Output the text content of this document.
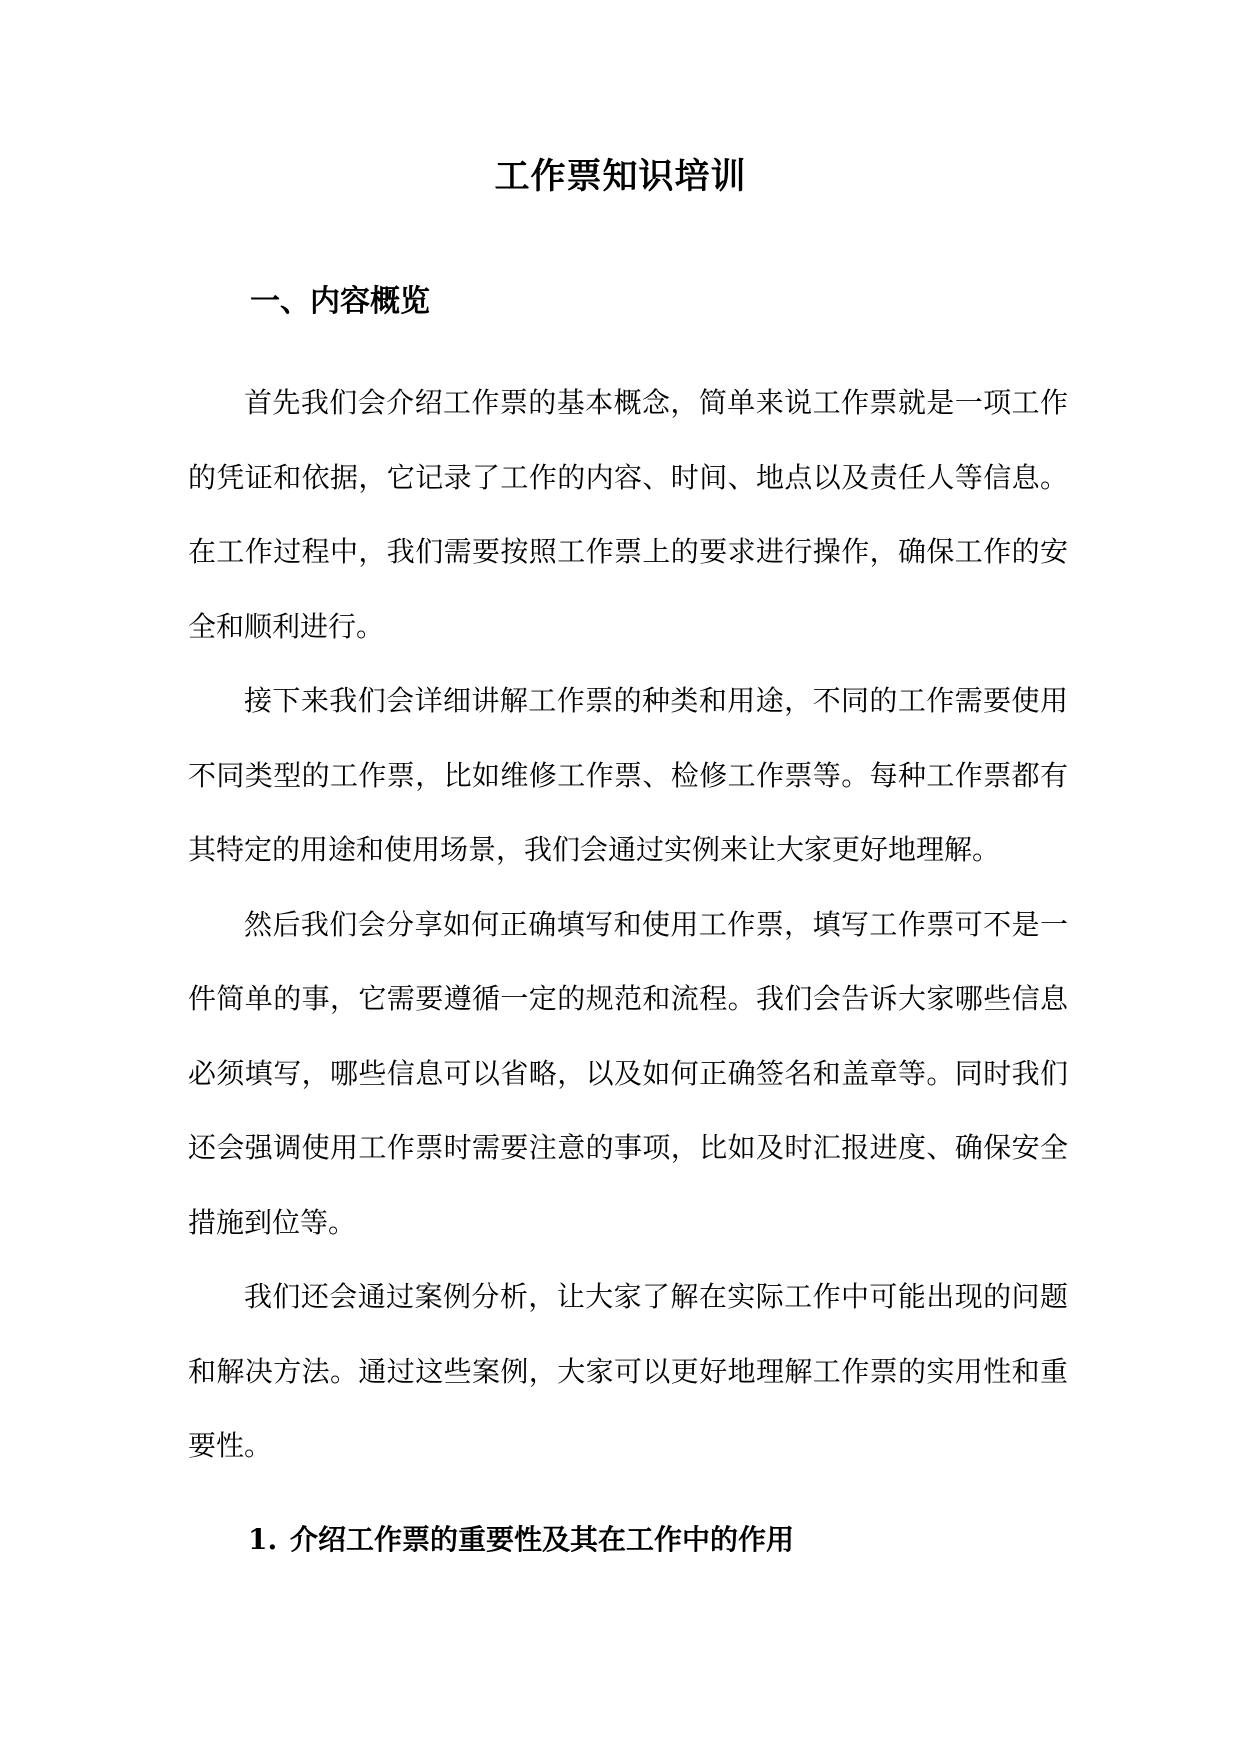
工作票知识培训
一、内容概览

首先我们会介绍工作票的基本概念，简单来说工作票就是一项工作的凭证和依据，它记录了工作的内容、时间、地点以及责任人等信息。在工作过程中，我们需要按照工作票上的要求进行操作，确保工作的安全和顺利进行。

接下来我们会详细讲解工作票的种类和用途，不同的工作需要使用不同类型的工作票，比如维修工作票、检修工作票等。每种工作票都有其特定的用途和使用场景，我们会通过实例来让大家更好地理解。

然后我们会分享如何正确填写和使用工作票，填写工作票可不是一件简单的事，它需要遵循一定的规范和流程。我们会告诉大家哪些信息必须填写，哪些信息可以省略，以及如何正确签名和盖章等。同时我们还会强调使用工作票时需要注意的事项，比如及时汇报进度、确保安全措施到位等。

我们还会通过案例分析，让大家了解在实际工作中可能出现的问题和解决方法。通过这些案例，大家可以更好地理解工作票的实用性和重要性。

1. 介绍工作票的重要性及其在工作中的作用
